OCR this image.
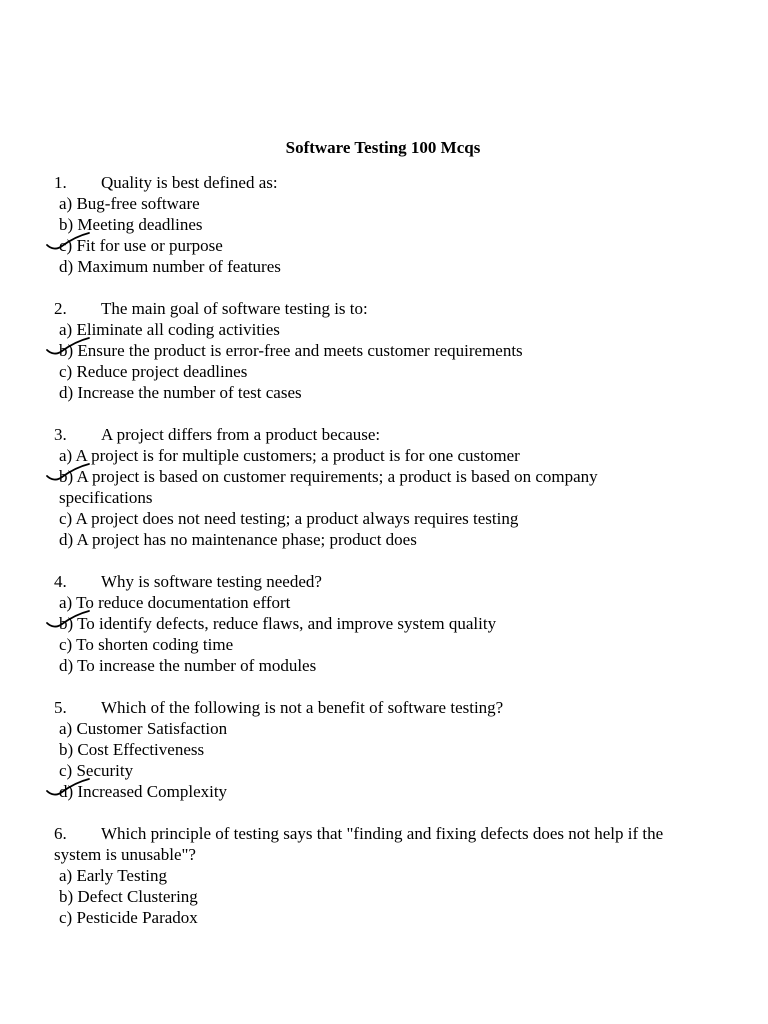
Software Testing 100 Mcqs

1. Quality is best defined as:

a) Bug-free software

b) Meeting deadlines

c) Fit for use or purpose

d) Maximum number of features

2. The main goal of software testing is to:

a) Eliminate all coding activities

b) Ensure the product is error-free and meets customer requirements

c) Reduce project deadlines

d) Increase the number of test cases

3. A project differs from a product because:

a) A project is for multiple customers; a product is for one customer

b) A project is based on customer requirements; a product is based on company specifications

c) A project does not need testing; a product always requires testing

d) A project has no maintenance phase; product does

4. Why is software testing needed?

a) To reduce documentation effort

b) To identify defects, reduce flaws, and improve system quality

c) To shorten coding time

d) To increase the number of modules

5. Which of the following is not a benefit of software testing?

a) Customer Satisfaction

b) Cost Effectiveness

c) Security

d) Increased Complexity

6. Which principle of testing says that "finding and fixing defects does not help if the system is unusable"?

a) Early Testing

b) Defect Clustering

c) Pesticide Paradox
